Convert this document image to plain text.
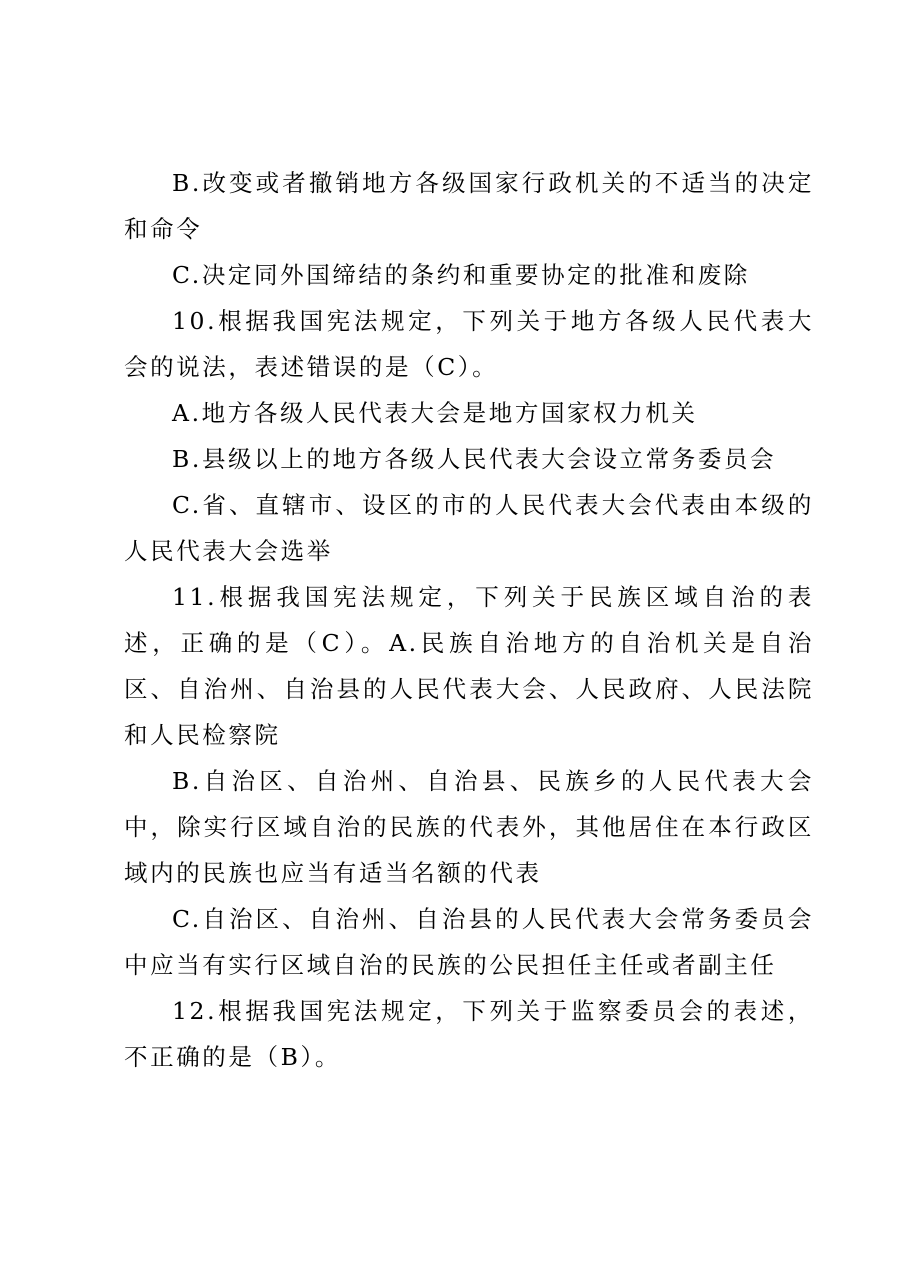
B.改变或者撤销地方各级国家行政机关的不适当的决定和命令

C.决定同外国缔结的条约和重要协定的批准和废除

10.根据我国宪法规定，下列关于地方各级人民代表大会的说法，表述错误的是（C）。

A.地方各级人民代表大会是地方国家权力机关

B.县级以上的地方各级人民代表大会设立常务委员会

C.省、直辖市、设区的市的人民代表大会代表由本级的人民代表大会选举

11.根据我国宪法规定，下列关于民族区域自治的表述，正确的是（C）。A.民族自治地方的自治机关是自治区、自治州、自治县的人民代表大会、人民政府、人民法院和人民检察院

B.自治区、自治州、自治县、民族乡的人民代表大会中，除实行区域自治的民族的代表外，其他居住在本行政区域内的民族也应当有适当名额的代表

C.自治区、自治州、自治县的人民代表大会常务委员会中应当有实行区域自治的民族的公民担任主任或者副主任

12.根据我国宪法规定，下列关于监察委员会的表述，不正确的是（B）。
